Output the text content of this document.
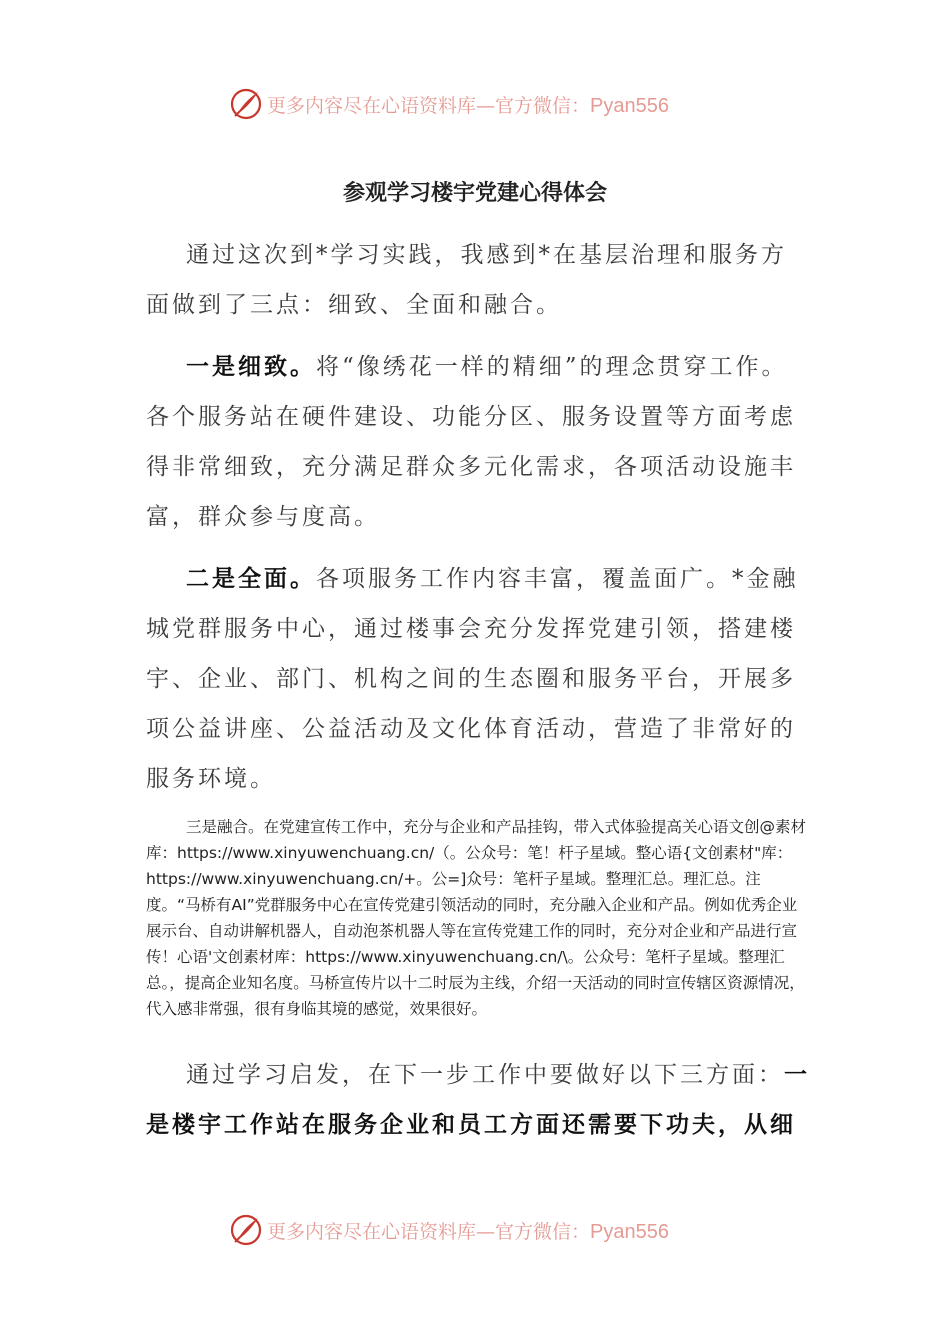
更多内容尽在心语资料库—官方微信：Pyan556
参观学习楼宇党建心得体会

通过这次到*学习实践，我感到*在基层治理和服务方面做到了三点：细致、全面和融合。

一是细致。将“像绣花一样的精细”的理念贯穿工作。各个服务站在硬件建设、功能分区、服务设置等方面考虑得非常细致，充分满足群众多元化需求，各项活动设施丰富，群众参与度高。

二是全面。各项服务工作内容丰富，覆盖面广。*金融城党群服务中心，通过楼事会充分发挥党建引领，搭建楼宇、企业、部门、机构之间的生态圈和服务平台，开展多项公益讲座、公益活动及文化体育活动，营造了非常好的服务环境。

三是融合。在党建宣传工作中，充分与企业和产品挂钩，带入式体验提高关心语文创@素材库：https://www.xinyuwenchuang.cn/（。公众号：笔！杆子星域。整心语{文创素材"库：https://www.xinyuwenchuang.cn/+。公=]众号：笔杆子星域。整理汇总。理汇总。注度。“马桥有AI”党群服务中心在宣传党建引领活动的同时，充分融入企业和产品。例如优秀企业展示台、自动讲解机器人，自动泡茶机器人等在宣传党建工作的同时，充分对企业和产品进行宣传！心语'文创素材库：https://www.xinyuwenchuang.cn/\。公众号：笔杆子星域。整理汇总。，提高企业知名度。马桥宣传片以十二时辰为主线，介绍一天活动的同时宣传辖区资源情况，代入感非常强，很有身临其境的感觉，效果很好。

通过学习启发，在下一步工作中要做好以下三方面：一是楼宇工作站在服务企业和员工方面还需要下功夫，从细

更多内容尽在心语资料库—官方微信：Pyan556
